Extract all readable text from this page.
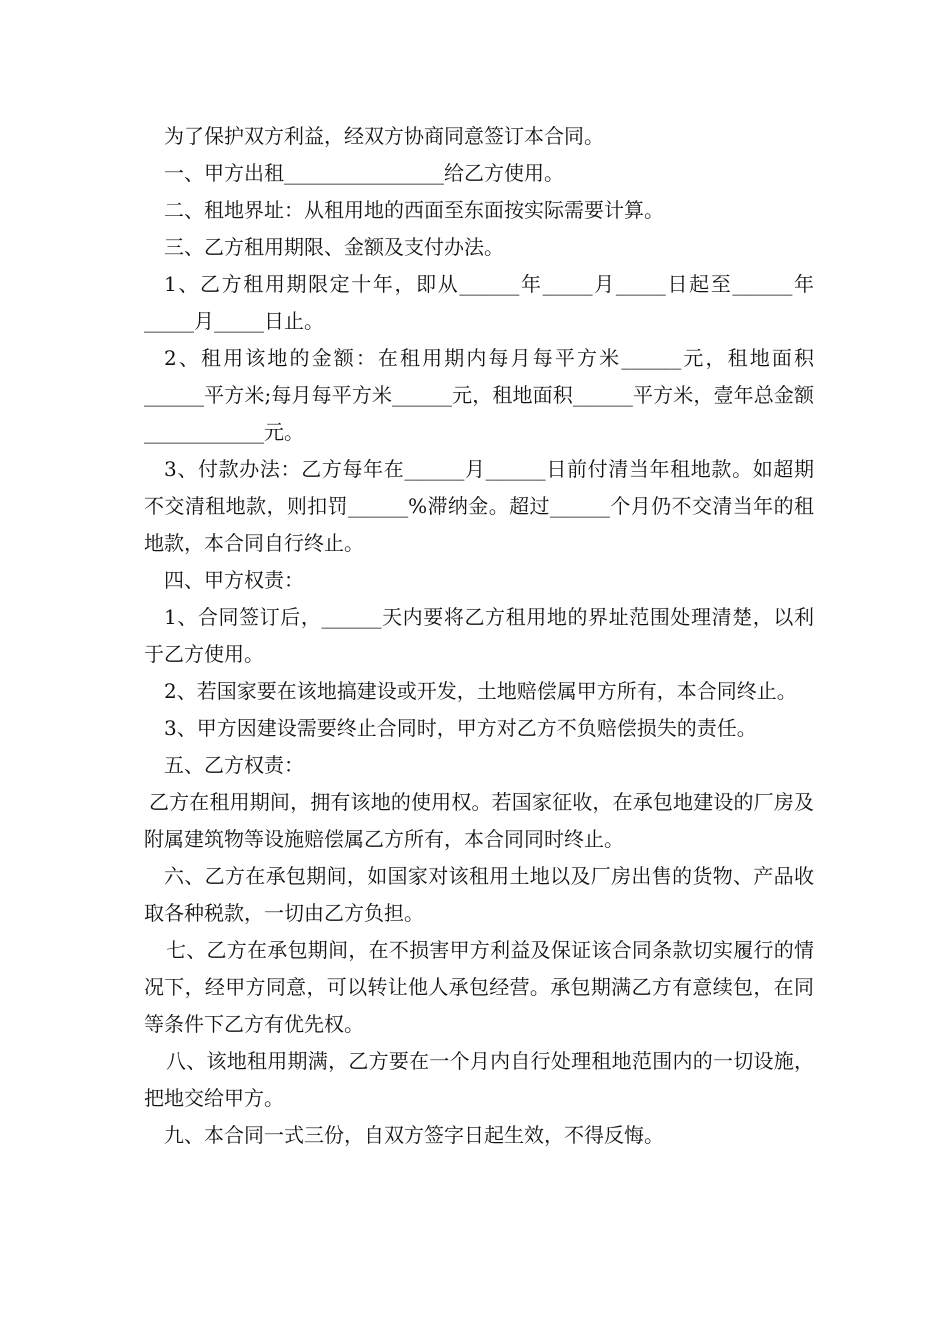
为了保护双方利益，经双方协商同意签订本合同。

一、甲方出租________________给乙方使用。

二、租地界址：从租用地的西面至东面按实际需要计算。

三、乙方租用期限、金额及支付办法。

1、乙方租用期限定十年，即从______年_____月_____日起至______年_____月_____日止。

2、租用该地的金额：在租用期内每月每平方米______元，租地面积______平方米;每月每平方米______元，租地面积______平方米，壹年总金额____________元。

3、付款办法：乙方每年在______月______日前付清当年租地款。如超期不交清租地款，则扣罚______%滞纳金。超过______个月仍不交清当年的租地款，本合同自行终止。

四、甲方权责：

1、合同签订后，______天内要将乙方租用地的界址范围处理清楚，以利于乙方使用。

2、若国家要在该地搞建设或开发，土地赔偿属甲方所有，本合同终止。

3、甲方因建设需要终止合同时，甲方对乙方不负赔偿损失的责任。

五、乙方权责：

乙方在租用期间，拥有该地的使用权。若国家征收，在承包地建设的厂房及附属建筑物等设施赔偿属乙方所有，本合同同时终止。

六、乙方在承包期间，如国家对该租用土地以及厂房出售的货物、产品收取各种税款，一切由乙方负担。

七、乙方在承包期间，在不损害甲方利益及保证该合同条款切实履行的情况下，经甲方同意，可以转让他人承包经营。承包期满乙方有意续包，在同等条件下乙方有优先权。

八、该地租用期满，乙方要在一个月内自行处理租地范围内的一切设施，把地交给甲方。

九、本合同一式三份，自双方签字日起生效，不得反悔。
